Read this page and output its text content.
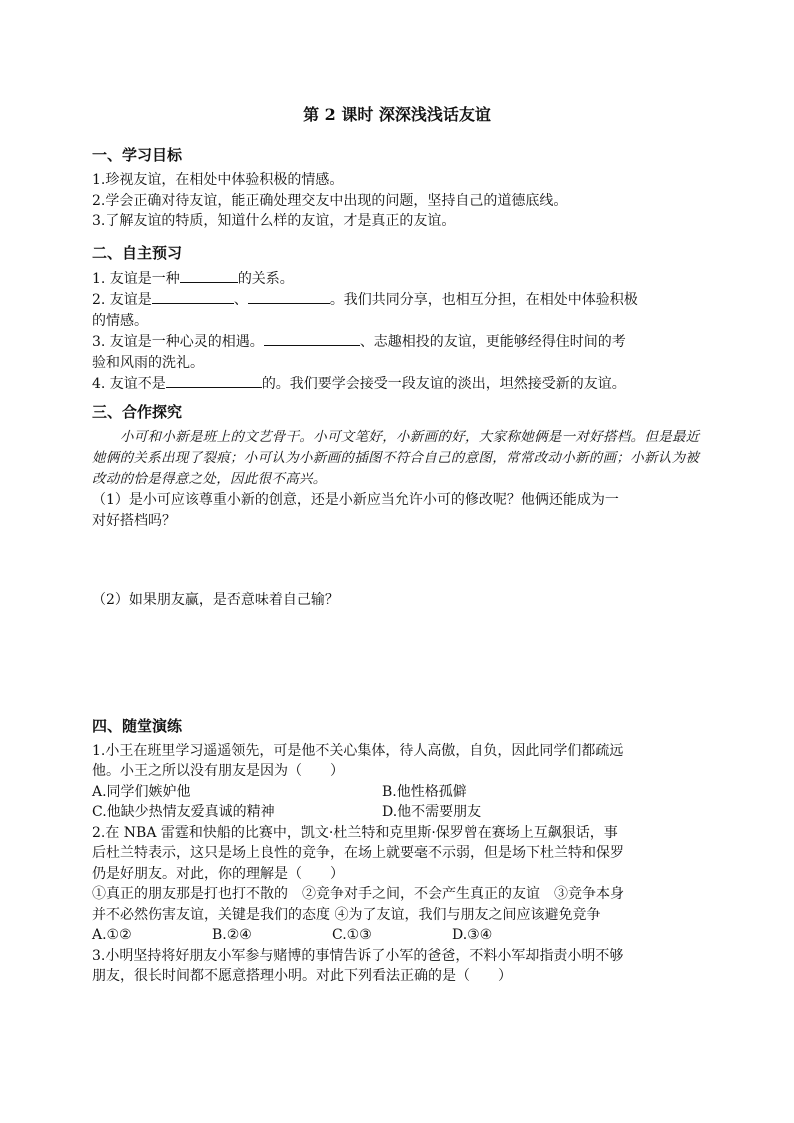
第 2 课时 深深浅浅话友谊
一、学习目标

1.珍视友谊，在相处中体验积极的情感。

2.学会正确对待友谊，能正确处理交友中出现的问题，坚持自己的道德底线。

3.了解友谊的特质，知道什么样的友谊，才是真正的友谊。

二、自主预习

1. 友谊是一种	的关系。

2. 友谊是	、	。我们共同分享，也相互分担，在相处中体验积极

的情感。

3. 友谊是一种心灵的相遇。	、志趣相投的友谊，更能够经得住时间的考

验和风雨的洗礼。

4. 友谊不是	的。我们要学会接受一段友谊的淡出，坦然接受新的友谊。

三、合作探究

小可和小新是班上的文艺骨干。小可文笔好，小新画的好，大家称她俩是一对好搭档。但是最近她俩的关系出现了裂痕；小可认为小新画的插图不符合自己的意图，常常改动小新的画；小新认为被改动的恰是得意之处，因此很不高兴。

（1）是小可应该尊重小新的创意，还是小新应当允许小可的修改呢？他俩还能成为一

对好搭档吗？

（2）如果朋友赢，是否意味着自己输？

四、随堂演练

1.小王在班里学习遥遥领先，可是他不关心集体，待人高傲，自负，因此同学们都疏远

他。小王之所以没有朋友是因为（　　）

A.同学们嫉妒他	B.他性格孤僻
C.他缺少热情友爱真诚的精神	D.他不需要朋友

2.在 NBA 雷霆和快船的比赛中，凯文·杜兰特和克里斯·保罗曾在赛场上互飙狠话，事

后杜兰特表示，这只是场上良性的竞争，在场上就要毫不示弱，但是场下杜兰特和保罗

仍是好朋友。对此，你的理解是（　　）

①真正的朋友那是打也打不散的　②竞争对手之间，不会产生真正的友谊　③竞争本身

并不必然伤害友谊，关键是我们的态度 ④为了友谊，我们与朋友之间应该避免竞争

A.①②	B.②④	C.①③	D.③④

3.小明坚持将好朋友小军参与赌博的事情告诉了小军的爸爸，不料小军却指责小明不够

朋友，很长时间都不愿意搭理小明。对此下列看法正确的是（　　）
